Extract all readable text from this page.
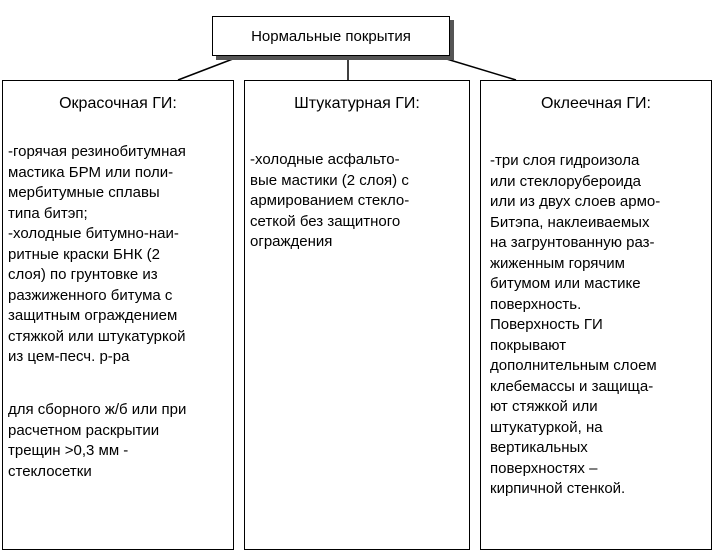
Нормальные покрытия
Окрасочная ГИ:
-горячая резинобитумная
мастика БРМ или поли-
мербитумные сплавы
типа битэп;
-холодные битумно-наи-
ритные краски БНК (2
слоя) по грунтовке из
разжиженного битума с
защитным ограждением
стяжкой или штукатуркой
из цем-песч. р-ра
для сборного ж/б или при
расчетном раскрытии
трещин >0,3 мм -
стеклосетки
Штукатурная ГИ:
-холодные асфальто-
вые мастики (2 слоя) с
армированием стекло-
сеткой без защитного
ограждения
Оклеечная ГИ:
-три слоя гидроизола
или стеклорубероида
или из двух слоев армо-
Битэпа, наклеиваемых
на загрунтованную раз-
жиженным горячим
битумом или мастике
поверхность.
Поверхность ГИ
покрывают
дополнительным слоем
клебемассы и защища-
ют стяжкой или
штукатуркой, на
вертикальных
поверхностях –
кирпичной стенкой.
